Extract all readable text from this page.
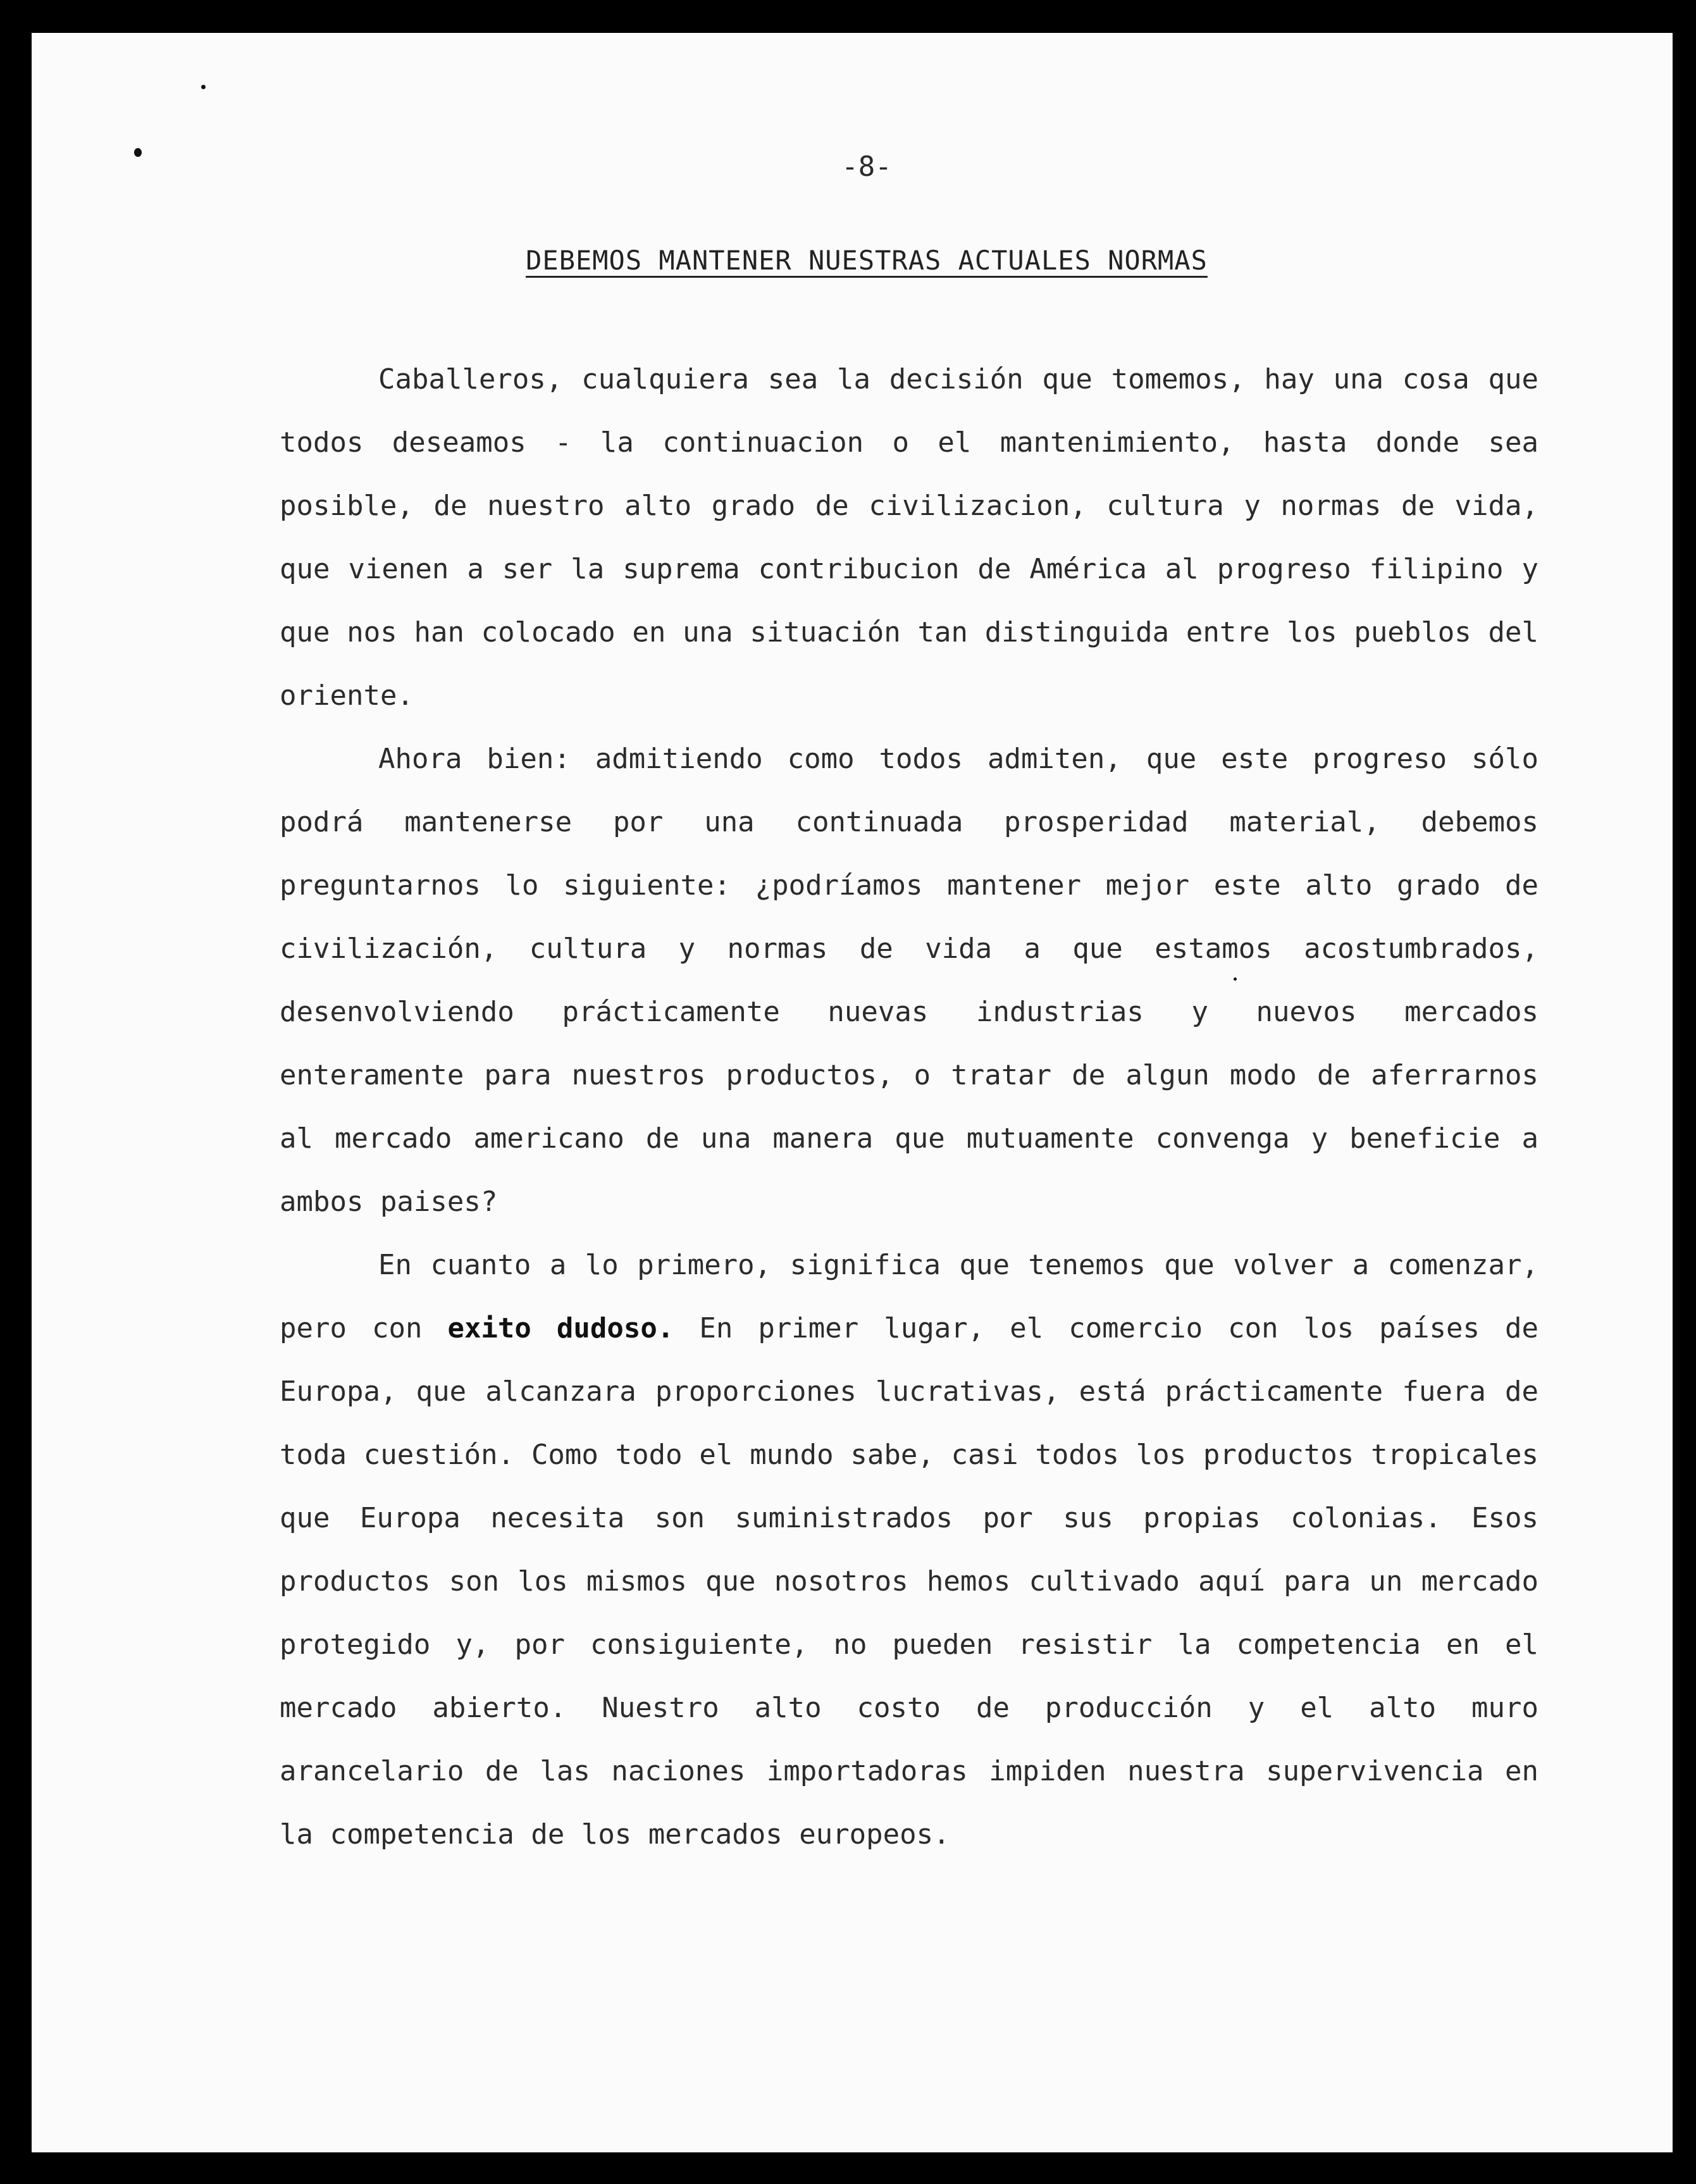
-8-
DEBEMOS MANTENER NUESTRAS ACTUALES NORMAS

Caballeros, cualquiera sea la decisión que tomemos, hay una cosa que todos deseamos - la continuacion o el mantenimiento, hasta donde sea posible, de nuestro alto grado de civilizacion, cultura y normas de vida, que vienen a ser la suprema contribucion de América al progreso filipino y que nos han colocado en una situación tan distinguida entre los pueblos del oriente.

Ahora bien: admitiendo como todos admiten, que este progreso sólo podrá mantenerse por una continuada prosperidad material, debemos preguntarnos lo siguiente: ¿podríamos mantener mejor este alto grado de civilización, cultura y normas de vida a que estamos acostumbrados, desenvolviendo prácticamente nuevas industrias y nuevos mercados enteramente para nuestros productos, o tratar de algun modo de aferrarnos al mercado americano de una manera que mutuamente convenga y beneficie a ambos paises?

En cuanto a lo primero, significa que tenemos que volver a comenzar, pero con exito dudoso. En primer lugar, el comercio con los países de Europa, que alcanzara proporciones lucrativas, está prácticamente fuera de toda cuestión. Como todo el mundo sabe, casi todos los productos tropicales que Europa necesita son suministrados por sus propias colonias. Esos productos son los mismos que nosotros hemos cultivado aquí para un mercado protegido y, por consiguiente, no pueden resistir la competencia en el mercado abierto. Nuestro alto costo de producción y el alto muro arancelario de las naciones importadoras impiden nuestra supervivencia en la competencia de los mercados europeos.
